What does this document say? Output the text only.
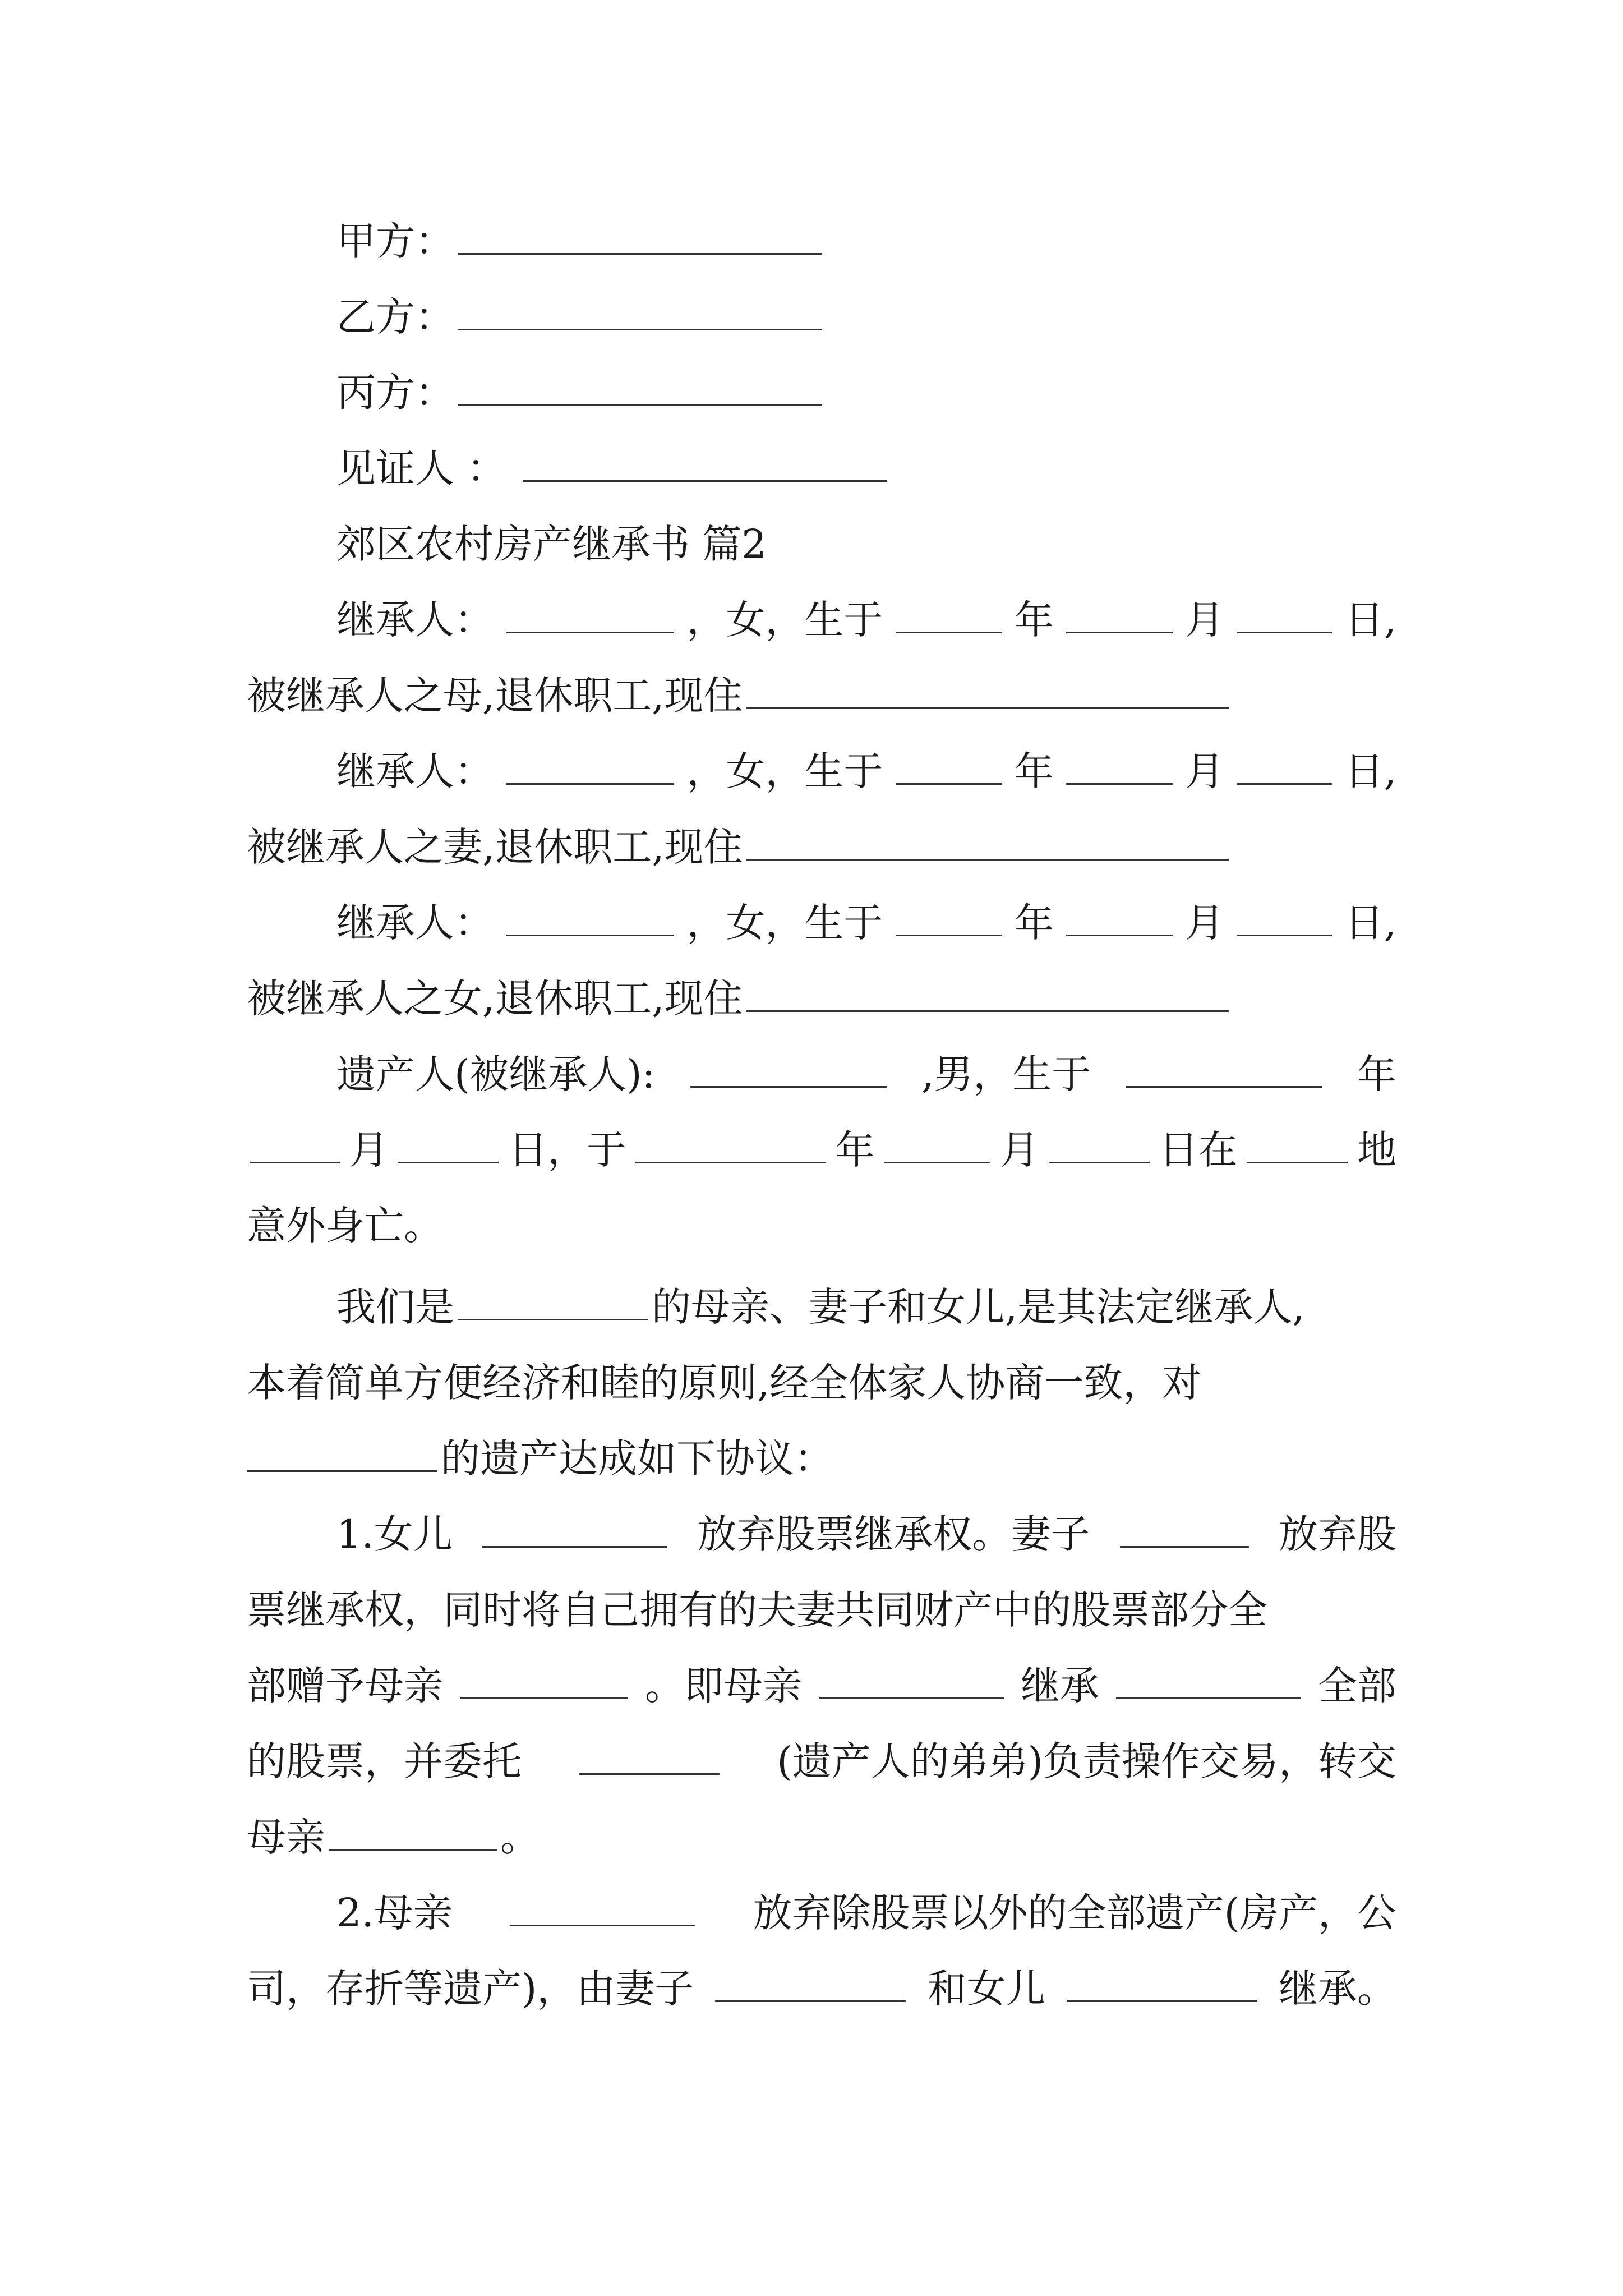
甲方：
乙方：
丙方：
见证人 ：
郊区农村房产继承书 篇2
继承人：	，女，生于	年	月	日,
被继承人之母,退休职工,现住
继承人：	，女，生于	年	月	日,
被继承人之妻,退休职工,现住
继承人：	，女，生于	年	月	日,
被继承人之女,退休职工,现住
遗产人(被继承人):	,男，生于	年
月	日，于	年	月	日在	地
意外身亡。
我们是	的母亲、妻子和女儿,是其法定继承人,
本着简单方便经济和睦的原则,经全体家人协商一致，对
的遗产达成如下协议：
1.女儿	放弃股票继承权。妻子	放弃股
票继承权，同时将自己拥有的夫妻共同财产中的股票部分全
部赠予母亲	。即母亲	继承	全部
的股票，并委托	(遗产人的弟弟)负责操作交易，转交
母亲	。
2.母亲	放弃除股票以外的全部遗产(房产，公
司，存折等遗产)，由妻子	和女儿	继承。
